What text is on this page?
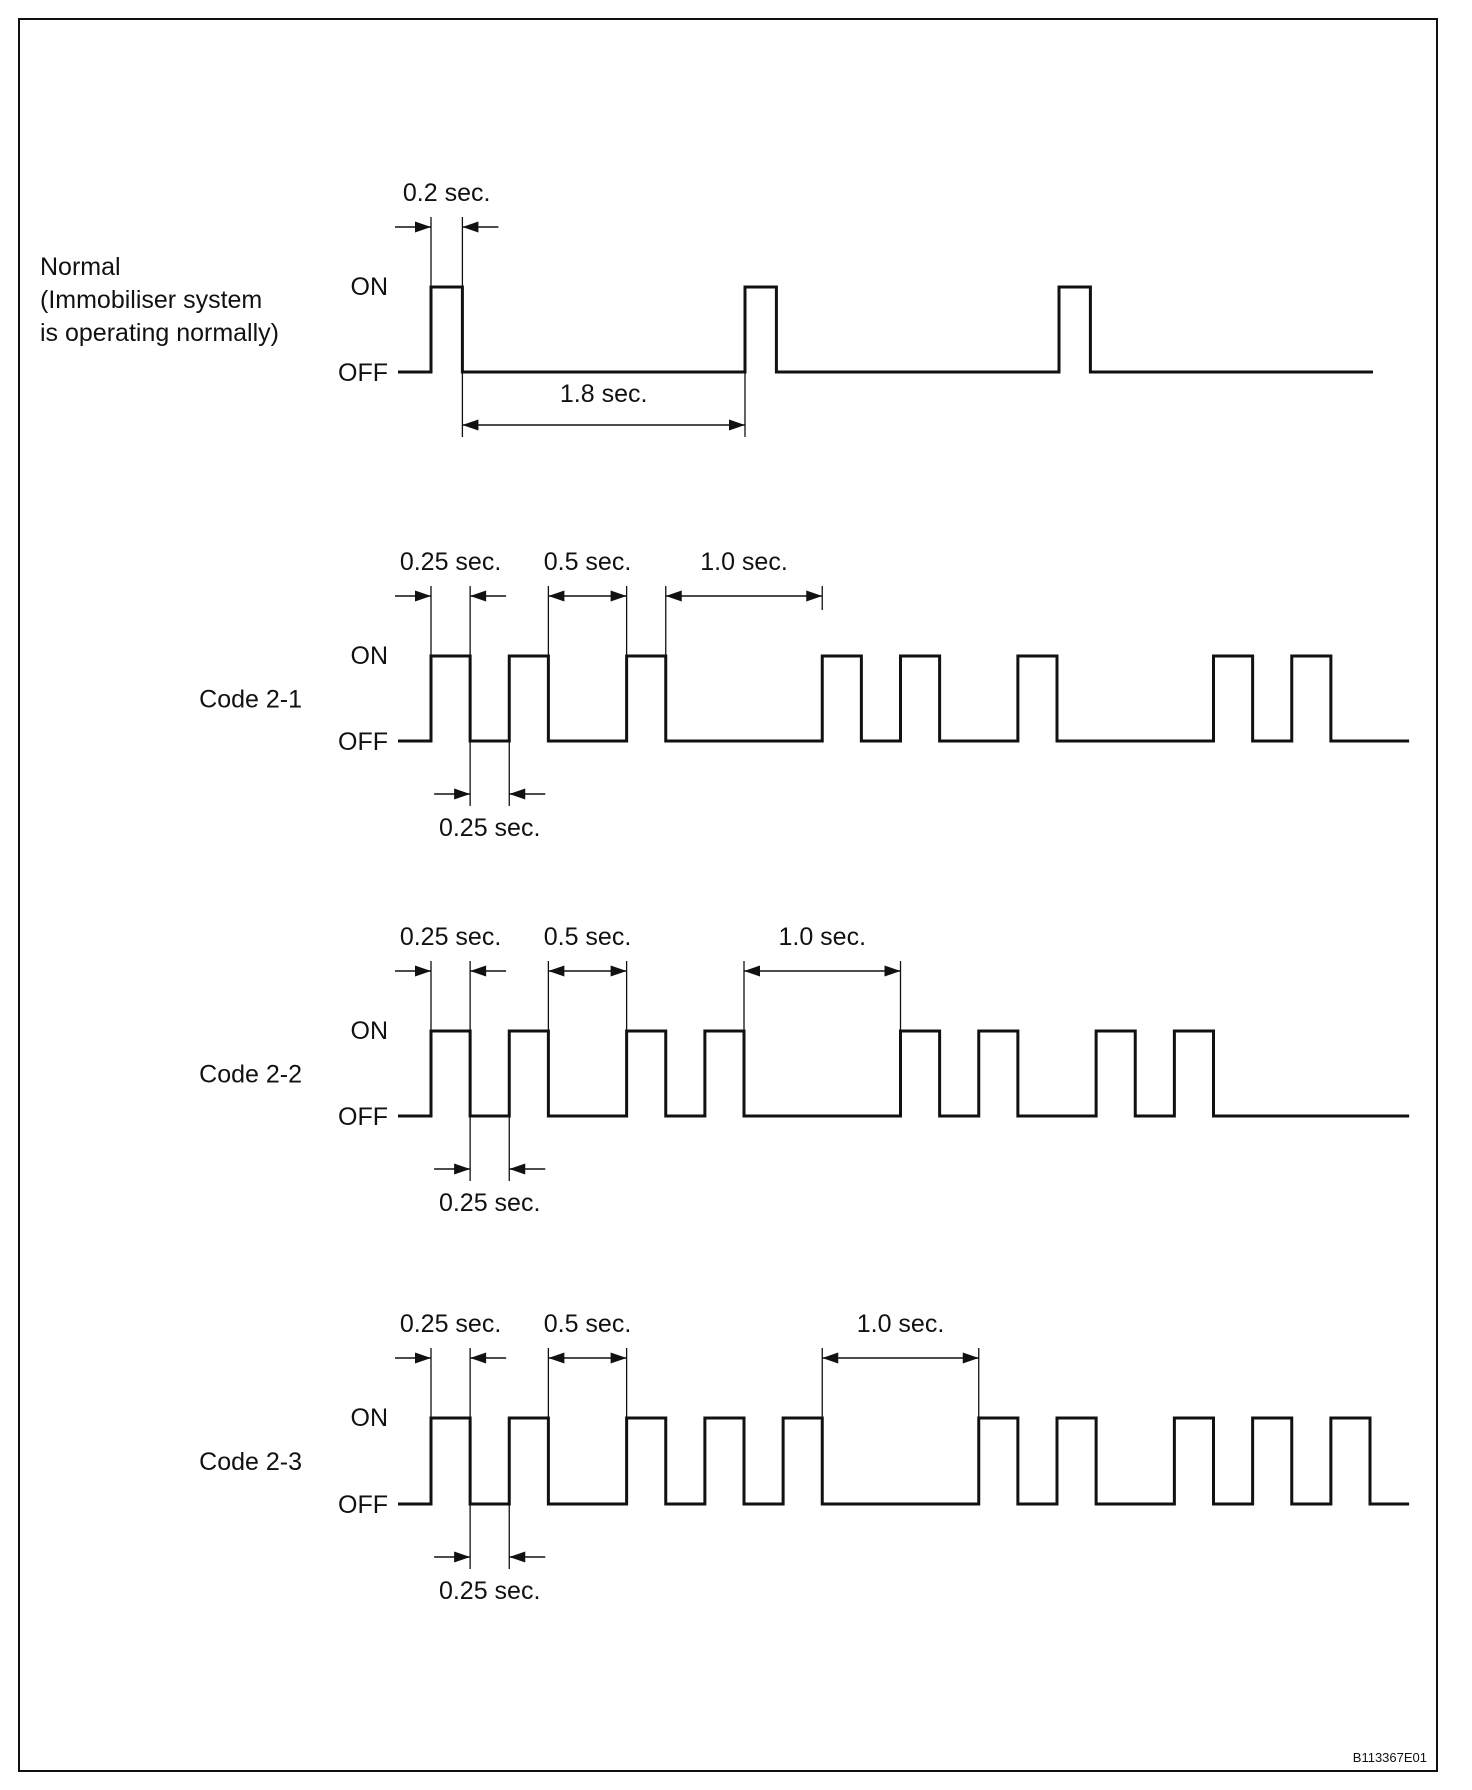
Normal
(Immobiliser system
is operating normally)
ON
OFF
0.2 sec.
1.8 sec.
Code 2-1
ON
OFF
0.25 sec. 0.5 sec.	1.0 sec.
0.25 sec.
Code 2-2
ON
OFF
0.25 sec. 0.5 sec.	1.0 sec.
0.25 sec.
Code 2-3
ON
OFF
0.25 sec. 0.5 sec.	1.0 sec.
0.25 sec.
B113367E01
